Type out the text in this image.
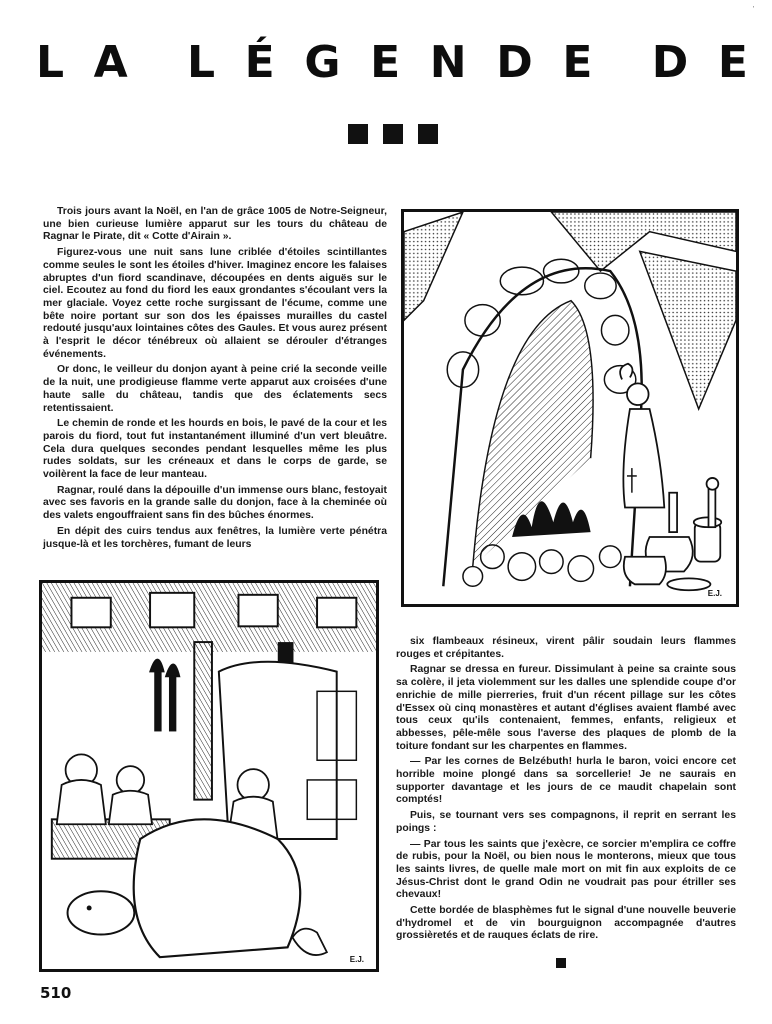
'
L A L É G E N D E D E

Trois jours avant la Noël, en l'an de grâce 1005 de Notre-Seigneur, une bien curieuse lumière apparut sur les tours du château de Ragnar le Pirate, dit « Cotte d'Airain ».

Figurez-vous une nuit sans lune criblée d'étoiles scintillantes comme seules le sont les étoiles d'hiver. Imaginez encore les falaises abruptes d'un fiord scandinave, découpées en dents aiguës sur le ciel. Ecoutez au fond du fiord les eaux grondantes s'écoulant vers la mer glaciale. Voyez cette roche surgissant de l'écume, comme une bête noire portant sur son dos les épaisses murailles du castel redouté jusqu'aux lointaines côtes des Gaules. Et vous aurez présent à l'esprit le décor ténébreux où allaient se dérouler d'étranges événements.

Or donc, le veilleur du donjon ayant à peine crié la seconde veille de la nuit, une prodigieuse flamme verte apparut aux croisées d'une haute salle du château, tandis que des éclatements secs retentissaient.

Le chemin de ronde et les hourds en bois, le pavé de la cour et les parois du fiord, tout fut instantanément illuminé d'un vert bleuâtre. Cela dura quelques secondes pendant lesquelles même les plus rudes soldats, sur les créneaux et dans le corps de garde, se voilèrent la face de leur manteau.

Ragnar, roulé dans la dépouille d'un immense ours blanc, festoyait avec ses favoris en la grande salle du donjon, face à la cheminée où des valets engouffraient sans fin des bûches énormes.

En dépit des cuirs tendus aux fenêtres, la lumière verte pénétra jusque-là et les torchères, fumant de leurs

E.J.
E.J.

six flambeaux résineux, virent pâlir soudain leurs flammes rouges et crépitantes.

Ragnar se dressa en fureur. Dissimulant à peine sa crainte sous sa colère, il jeta violemment sur les dalles une splendide coupe d'or enrichie de mille pierreries, fruit d'un récent pillage sur les côtes d'Essex où cinq monastères et autant d'églises avaient flambé avec tous ceux qu'ils contenaient, femmes, enfants, religieux et abbesses, pêle-mêle sous l'averse des plaques de plomb de la toiture fondant sur les charpentes en flammes.

— Par les cornes de Belzébuth! hurla le baron, voici encore cet horrible moine plongé dans sa sorcellerie! Je ne saurais en supporter davantage et les jours de ce maudit chapelain sont comptés!

Puis, se tournant vers ses compagnons, il reprit en serrant les poings :

— Par tous les saints que j'exècre, ce sorcier m'emplira ce coffre de rubis, pour la Noël, ou bien nous le monterons, mieux que tous les saints livres, de quelle male mort on mit fin aux exploits de ce Jésus-Christ dont le grand Odin ne voudrait pas pour étriller ses chevaux!

Cette bordée de blasphèmes fut le signal d'une nouvelle beuverie d'hydromel et de vin bourguignon accompagnée d'autres grossièretés et de rauques éclats de rire.

510
